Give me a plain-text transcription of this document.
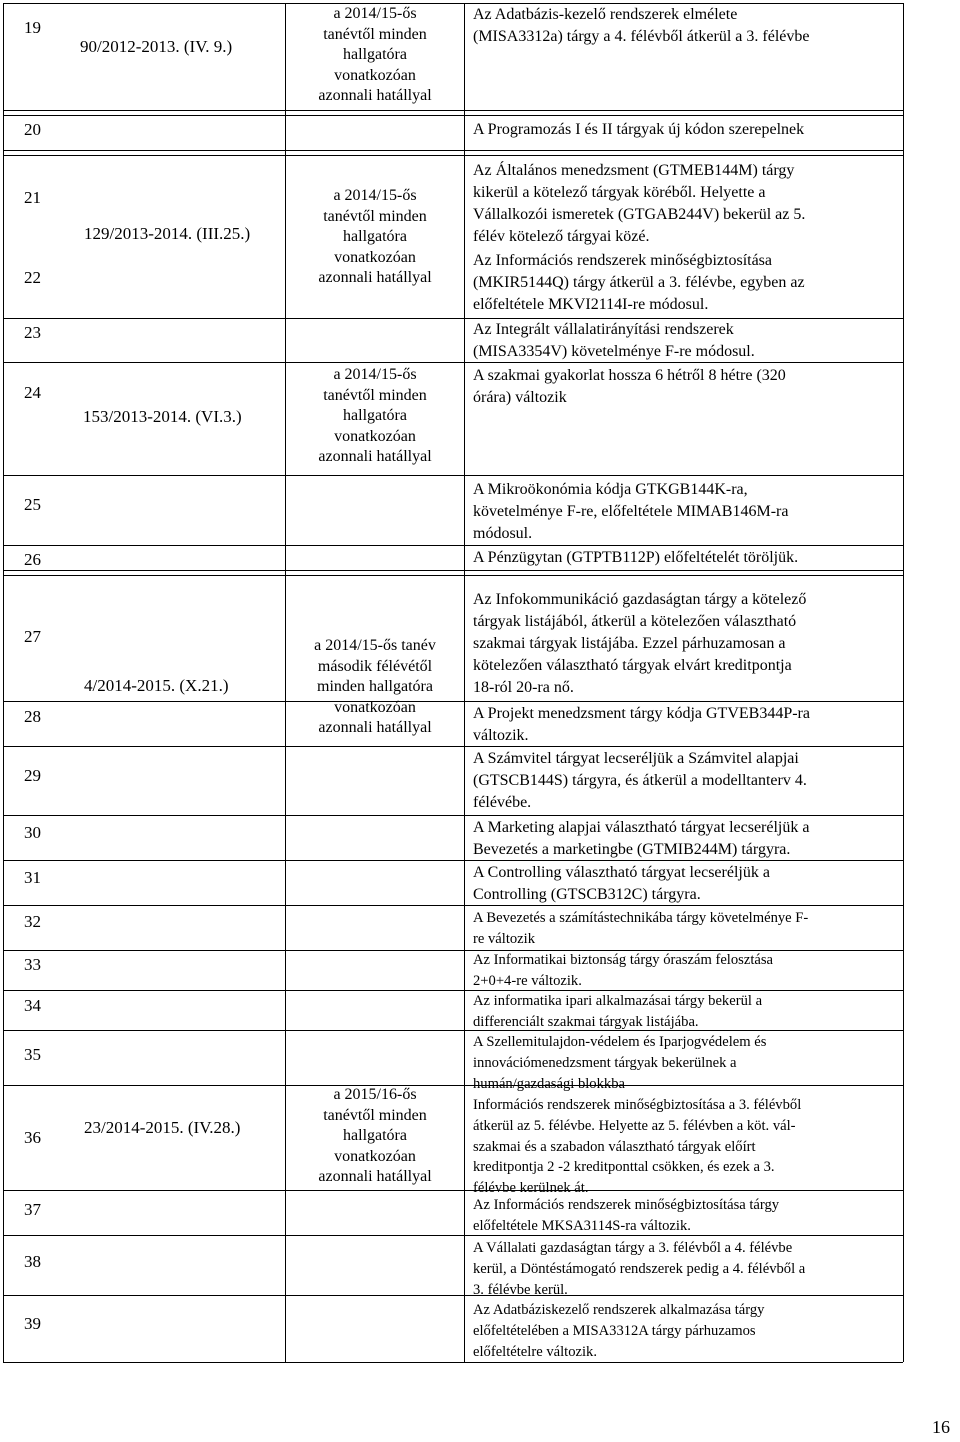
19
20
21
22
23
24
25
26
27
28
29
30
31
32
33
34
35
36
37
38
39
90/2012-2013. (IV. 9.)
129/2013-2014. (III.25.)
153/2013-2014. (VI.3.)
4/2014-2015. (X.21.)
23/2014-2015. (IV.28.)
a 2014/15-ős
tanévtől minden
hallgatóra
vonatkozóan
azonnali hatállyal
a 2014/15-ős
tanévtől minden
hallgatóra
vonatkozóan
azonnali hatállyal
a 2014/15-ős
tanévtől minden
hallgatóra
vonatkozóan
azonnali hatállyal
a 2014/15-ős tanév
második félévétől
minden hallgatóra
vonatkozóan
azonnali hatállyal
a 2015/16-ős
tanévtől minden
hallgatóra
vonatkozóan
azonnali hatállyal
Az Adatbázis-kezelő rendszerek elmélete
(MISA3312a) tárgy a 4. félévből átkerül a 3. félévbe
A Programozás I és II tárgyak új kódon szerepelnek
Az Általános menedzsment (GTMEB144M) tárgy
kikerül a kötelező tárgyak köréből. Helyette a
Vállalkozói ismeretek (GTGAB244V) bekerül az 5.
félév kötelező tárgyai közé.
Az Információs rendszerek minőségbiztosítása
(MKIR5144Q) tárgy átkerül a 3. félévbe, egyben az
előfeltétele MKVI2114I-re módosul.
Az Integrált vállalatirányítási rendszerek
(MISA3354V) követelménye F-re módosul.
A szakmai gyakorlat hossza 6 hétről 8 hétre (320
órára) változik
A Mikroökonómia kódja GTKGB144K-ra,
követelménye F-re, előfeltétele MIMAB146M-ra
módosul.
A Pénzügytan (GTPTB112P) előfeltételét töröljük.
Az Infokommunikáció gazdaságtan tárgy a kötelező
tárgyak listájából, átkerül a kötelezően választható
szakmai tárgyak listájába. Ezzel párhuzamosan a
kötelezően választható tárgyak elvárt kreditpontja
18-ról 20-ra nő.
A Projekt menedzsment tárgy kódja GTVEB344P-ra
változik.
A Számvitel tárgyat lecseréljük a Számvitel alapjai
(GTSCB144S) tárgyra, és átkerül a modelltanterv 4.
félévébe.
A Marketing alapjai választható tárgyat lecseréljük a
Bevezetés a marketingbe (GTMIB244M) tárgyra.
A Controlling választható tárgyat lecseréljük a
Controlling (GTSCB312C) tárgyra.
A Bevezetés a számítástechnikába tárgy követelménye F-
re változik
Az Informatikai biztonság tárgy óraszám felosztása
2+0+4-re változik.
Az informatika ipari alkalmazásai tárgy bekerül a
differenciált szakmai tárgyak listájába.
A Szellemitulajdon-védelem és Iparjogvédelem és
innovációmenedzsment tárgyak bekerülnek a
humán/gazdasági blokkba
Információs rendszerek minőségbiztosítása a 3. félévből
átkerül az 5. félévbe. Helyette az 5. félévben a köt. vál-
szakmai és a szabadon választható tárgyak előírt
kreditpontja 2 -2 kreditponttal csökken, és ezek a 3.
félévbe kerülnek át.
Az Információs rendszerek minőségbiztosítása tárgy
előfeltétele MKSA3114S-ra változik.
A Vállalati gazdaságtan tárgy a 3. félévből a 4. félévbe
kerül, a Döntéstámogató rendszerek pedig a 4. félévből a
3. félévbe kerül.
Az Adatbáziskezelő rendszerek alkalmazása tárgy
előfeltételében a MISA3312A tárgy párhuzamos
előfeltételre változik.
16
